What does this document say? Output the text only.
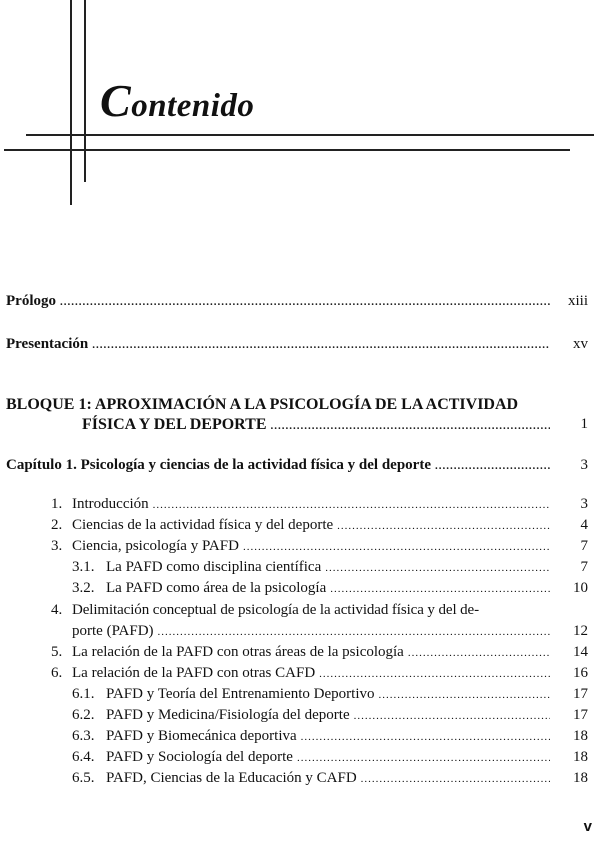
Contenido
Prólogo .....	xiii
Presentación .....	xv
BLOQUE 1: APROXIMACIÓN A LA PSICOLOGÍA DE LA ACTIVIDAD
FÍSICA Y DEL DEPORTE .....	1
Capítulo 1. Psicología y ciencias de la actividad física y del deporte .....	3
1. Introducción .....	3
2. Ciencias de la actividad física y del deporte .....	4
3. Ciencia, psicología y PAFD .....	7
3.1. La PAFD como disciplina científica .....	7
3.2. La PAFD como área de la psicología .....	10
4. Delimitación conceptual de psicología de la actividad física y del de-
porte (PAFD) .....	12
5. La relación de la PAFD con otras áreas de la psicología .....	14
6. La relación de la PAFD con otras CAFD .....	16
6.1. PAFD y Teoría del Entrenamiento Deportivo .....	17
6.2. PAFD y Medicina/Fisiología del deporte .....	17
6.3. PAFD y Biomecánica deportiva .....	18
6.4. PAFD y Sociología del deporte .....	18
6.5. PAFD, Ciencias de la Educación y CAFD .....	18
v
